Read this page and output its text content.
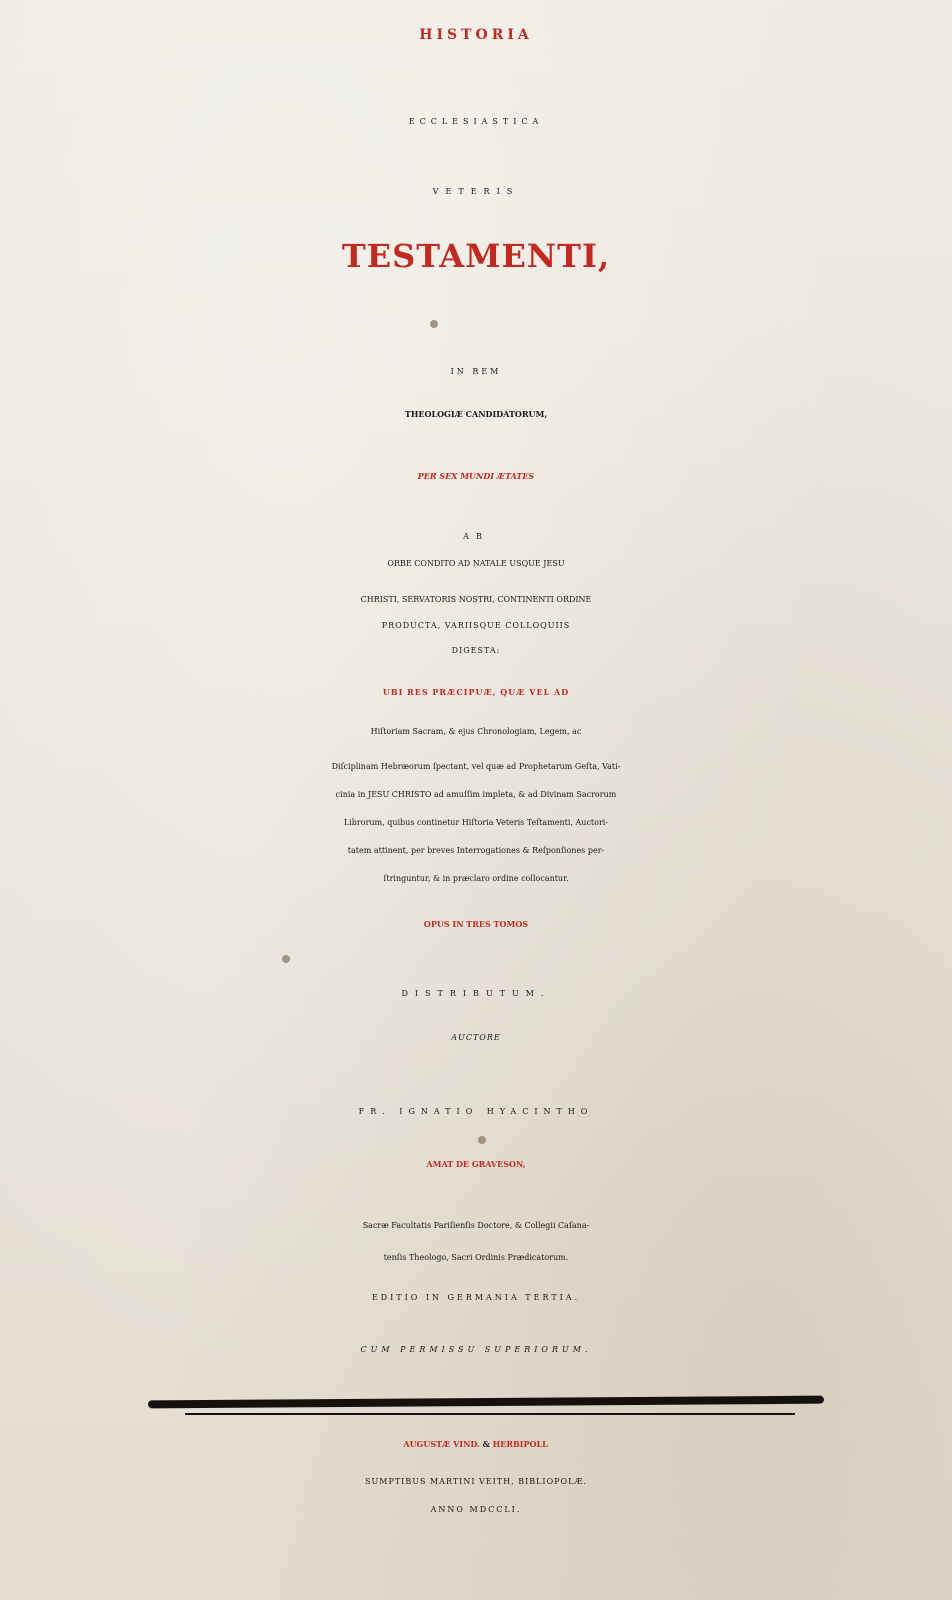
HISTORIA

ECCLESIASTICA

VETERIS

TESTAMENTI,

IN REM

THEOLOGIÆ CANDIDATORUM,

PER SEX MUNDI ÆTATES

AB

ORBE CONDITO AD NATALE USQUE JESU

CHRISTI, SERVATORIS NOSTRI, CONTINENTI ORDINE

PRODUCTA, VARIISQUE COLLOQUIIS

DIGESTA:

UBI RES PRÆCIPUÆ, QUÆ VEL AD

Hiſtoriam Sacram, & ejus Chronologiam, Legem, ac

Diſciplinam Hebræorum ſpectant, vel quæ ad Prophetarum Geſta, Vati-

cinia in JESU CHRISTO ad amuſſim impleta, & ad Divinam Sacrorum

Librorum, quibus continetur Hiſtoria Veteris Teſtamenti, Auctori-

tatem attinent, per breves Interrogationes & Reſponſiones per-

ſtringuntur, & in præclaro ordine collocantur.

OPUS IN TRES TOMOS

DISTRIBUTUM.

AUCTORE

FR. IGNATIO HYACINTHO

AMAT DE GRAVESON,

Sacræ Facultatis Pariſienſis Doctore, & Collegii Caſana-

tenſis Theologo, Sacri Ordinis Prædicatorum.

EDITIO IN GERMANIA TERTIA.

CUM PERMISSU SUPERIORUM.

AUGUSTÆ VIND. & HERBIPOLI.

SUMPTIBUS MARTINI VEITH, BIBLIOPOLÆ.

ANNO MDCCLI.
